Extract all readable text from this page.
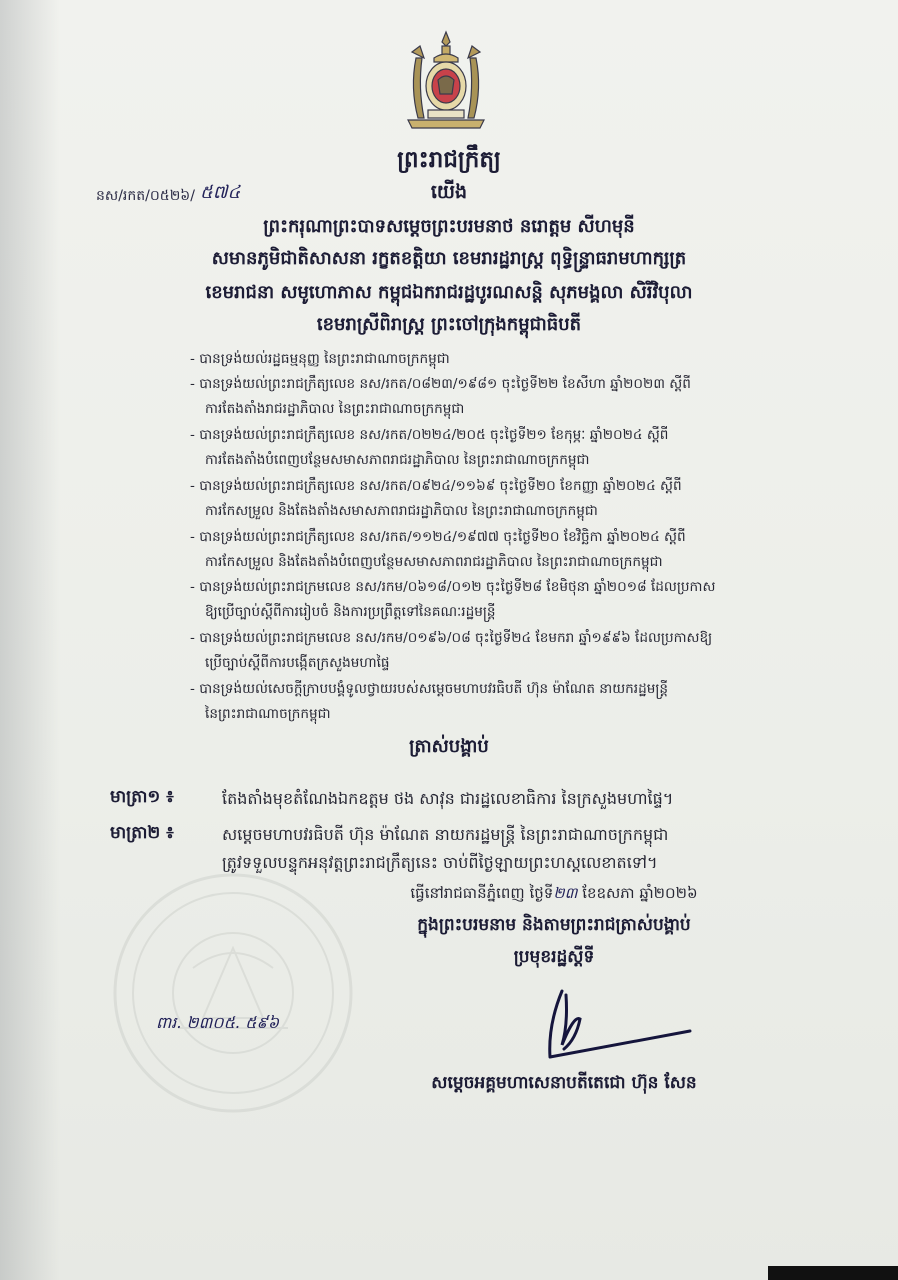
ព្រះរាជក្រឹត្យ
នស/រកត/០៥២៦/ ៥៧៤	យើង
ព្រះករុណាព្រះបាទសម្តេចព្រះបរមនាថ នរោត្តម សីហមុនី
សមានភូមិជាតិសាសនា រក្ខតខត្តិយា ខេមរារដ្ឋរាស្ត្រ ពុទ្ធិន្ទ្រាធរាមហាក្សត្រ
ខេមរាជនា សមូហោភាស កម្ពុជឯករាជរដ្ឋបូរណសន្តិ សុភមង្គលា សិរីវិបុលា
ខេមរាស្រីពិរាស្ត្រ ព្រះចៅក្រុងកម្ពុជាធិបតី
- បានទ្រង់យល់រដ្ឋធម្មនុញ្ញ នៃព្រះរាជាណាចក្រកម្ពុជា
- បានទ្រង់យល់ព្រះរាជក្រឹត្យលេខ នស/រកត/០៨២៣/១៩៨១ ចុះថ្ងៃទី២២ ខែសីហា ឆ្នាំ២០២៣ ស្តីពី
ការតែងតាំងរាជរដ្ឋាភិបាល នៃព្រះរាជាណាចក្រកម្ពុជា
- បានទ្រង់យល់ព្រះរាជក្រឹត្យលេខ នស/រកត/០២២៤/២០៥ ចុះថ្ងៃទី២១ ខែកុម្ភៈ ឆ្នាំ២០២៤ ស្តីពី
ការតែងតាំងបំពេញបន្ថែមសមាសភាពរាជរដ្ឋាភិបាល នៃព្រះរាជាណាចក្រកម្ពុជា
- បានទ្រង់យល់ព្រះរាជក្រឹត្យលេខ នស/រកត/០៩២៤/១១៦៩ ចុះថ្ងៃទី២០ ខែកញ្ញា ឆ្នាំ២០២៤ ស្តីពី
ការកែសម្រួល និងតែងតាំងសមាសភាពរាជរដ្ឋាភិបាល នៃព្រះរាជាណាចក្រកម្ពុជា
- បានទ្រង់យល់ព្រះរាជក្រឹត្យលេខ នស/រកត/១១២៤/១៩៧៧ ចុះថ្ងៃទី២០ ខែវិច្ឆិកា ឆ្នាំ២០២៤ ស្តីពី
ការកែសម្រួល និងតែងតាំងបំពេញបន្ថែមសមាសភាពរាជរដ្ឋាភិបាល នៃព្រះរាជាណាចក្រកម្ពុជា
- បានទ្រង់យល់ព្រះរាជក្រមលេខ នស/រកម/០៦១៨/០១២ ចុះថ្ងៃទី២៨ ខែមិថុនា ឆ្នាំ២០១៨ ដែលប្រកាស
ឱ្យប្រើច្បាប់ស្តីពីការរៀបចំ និងការប្រព្រឹត្តទៅនៃគណៈរដ្ឋមន្ត្រី
- បានទ្រង់យល់ព្រះរាជក្រមលេខ នស/រកម/០១៩៦/០៨ ចុះថ្ងៃទី២៤ ខែមករា ឆ្នាំ១៩៩៦ ដែលប្រកាសឱ្យ
ប្រើច្បាប់ស្តីពីការបង្កើតក្រសួងមហាផ្ទៃ
- បានទ្រង់យល់សេចក្តីក្រាបបង្គំទូលថ្វាយរបស់សម្តេចមហាបវរធិបតី ហ៊ុន ម៉ាណែត នាយករដ្ឋមន្ត្រី
នៃព្រះរាជាណាចក្រកម្ពុជា
ត្រាស់បង្គាប់
មាត្រា១ ៖	តែងតាំងមុខតំណែងឯកឧត្តម ថង សាវុន ជារដ្ឋលេខាធិការ នៃក្រសួងមហាផ្ទៃ។
មាត្រា២ ៖	សម្តេចមហាបវរធិបតី ហ៊ុន ម៉ាណែត នាយករដ្ឋមន្ត្រី នៃព្រះរាជាណាចក្រកម្ពុជា
ត្រូវទទួលបន្ទុកអនុវត្តព្រះរាជក្រឹត្យនេះ ចាប់ពីថ្ងៃឡាយព្រះហស្តលេខាតទៅ។
ធ្វើនៅរាជធានីភ្នំពេញ ថ្ងៃទី២៣ ខែឧសភា ឆ្នាំ២០២៦
ក្នុងព្រះបរមនាម និងតាមព្រះរាជត្រាស់បង្គាប់
ប្រមុខរដ្ឋស្តីទី
ពារ. ២៣០៥. ៥៩៦
សម្តេចអគ្គមហាសេនាបតីតេជោ ហ៊ុន សែន
